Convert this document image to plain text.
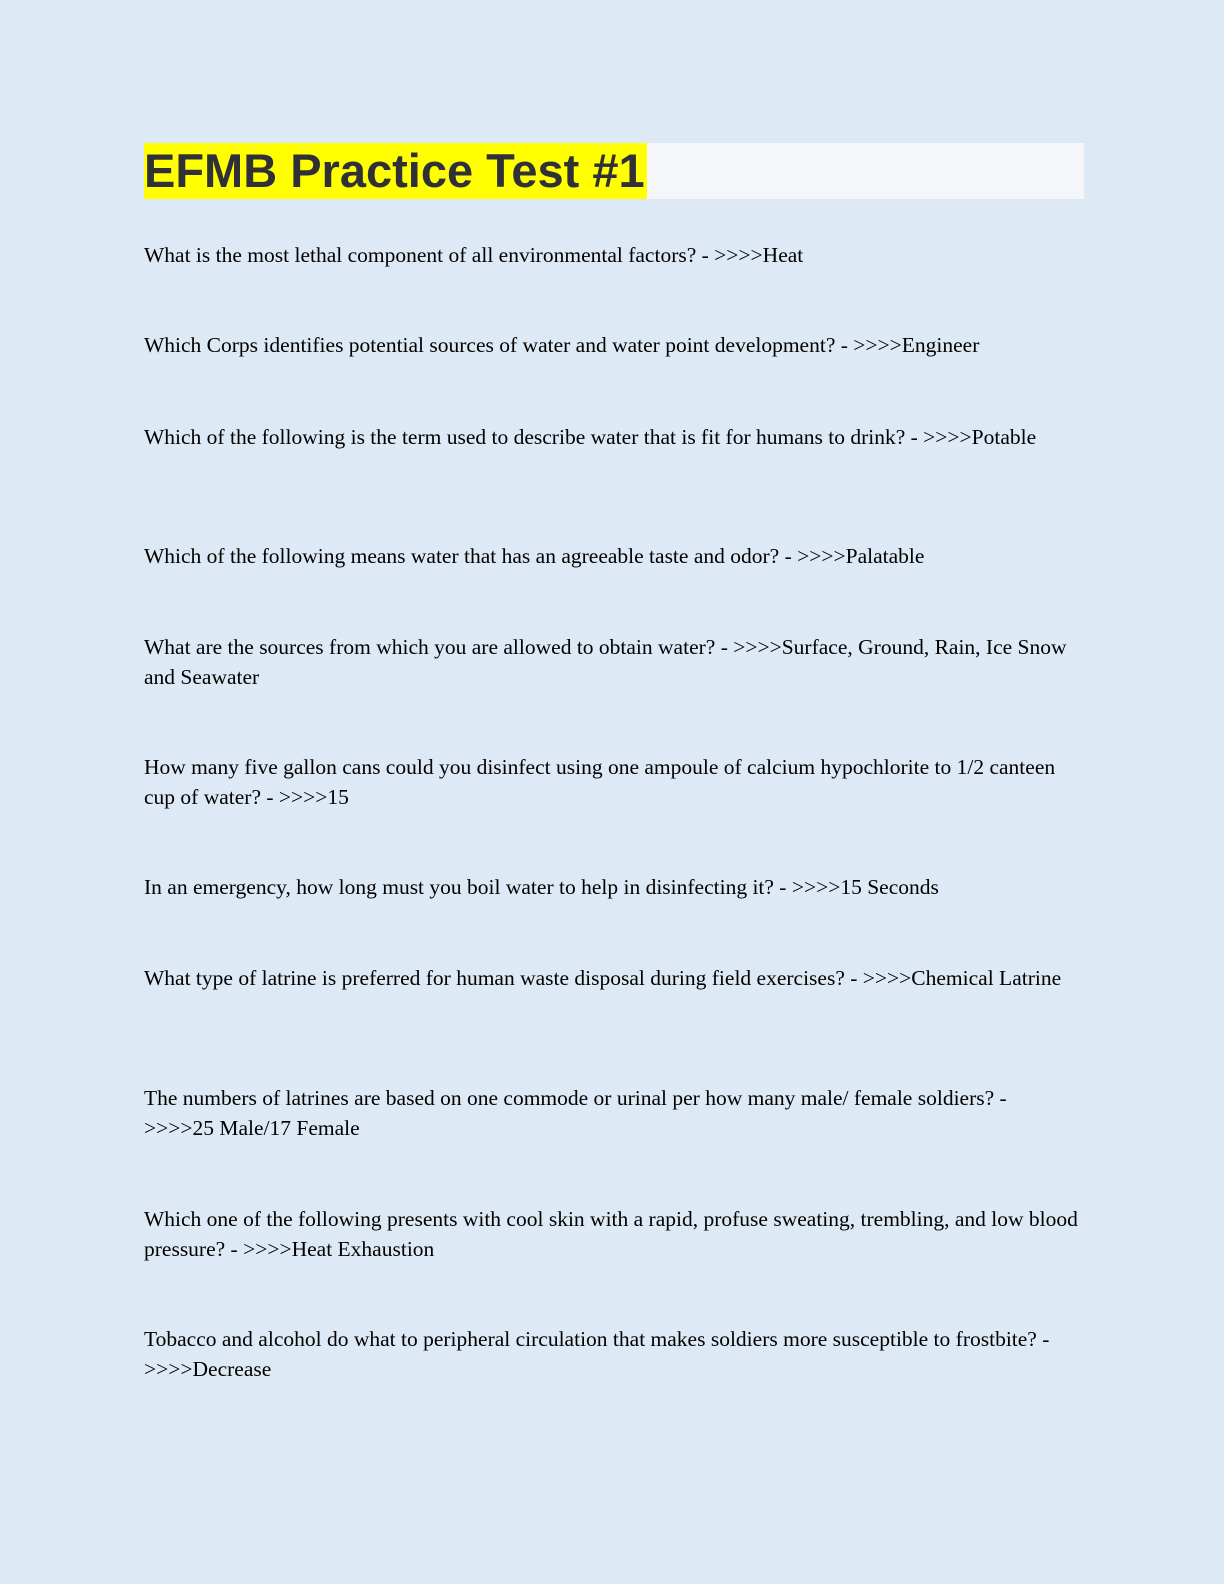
EFMB Practice Test #1
What is the most lethal component of all environmental factors? - >>>>Heat
Which Corps identifies potential sources of water and water point development? - >>>>Engineer
Which of the following is the term used to describe water that is fit for humans to drink? - >>>>Potable
Which of the following means water that has an agreeable taste and odor? - >>>>Palatable
What are the sources from which you are allowed to obtain water? - >>>>Surface, Ground, Rain, Ice Snow and Seawater
How many five gallon cans could you disinfect using one ampoule of calcium hypochlorite to 1/2 canteen cup of water? - >>>>15
In an emergency, how long must you boil water to help in disinfecting it? - >>>>15 Seconds
What type of latrine is preferred for human waste disposal during field exercises? - >>>>Chemical Latrine
The numbers of latrines are based on one commode or urinal per how many male/ female soldiers? - >>>>25 Male/17 Female
Which one of the following presents with cool skin with a rapid, profuse sweating, trembling, and low blood pressure? - >>>>Heat Exhaustion
Tobacco and alcohol do what to peripheral circulation that makes soldiers more susceptible to frostbite? - >>>>Decrease
